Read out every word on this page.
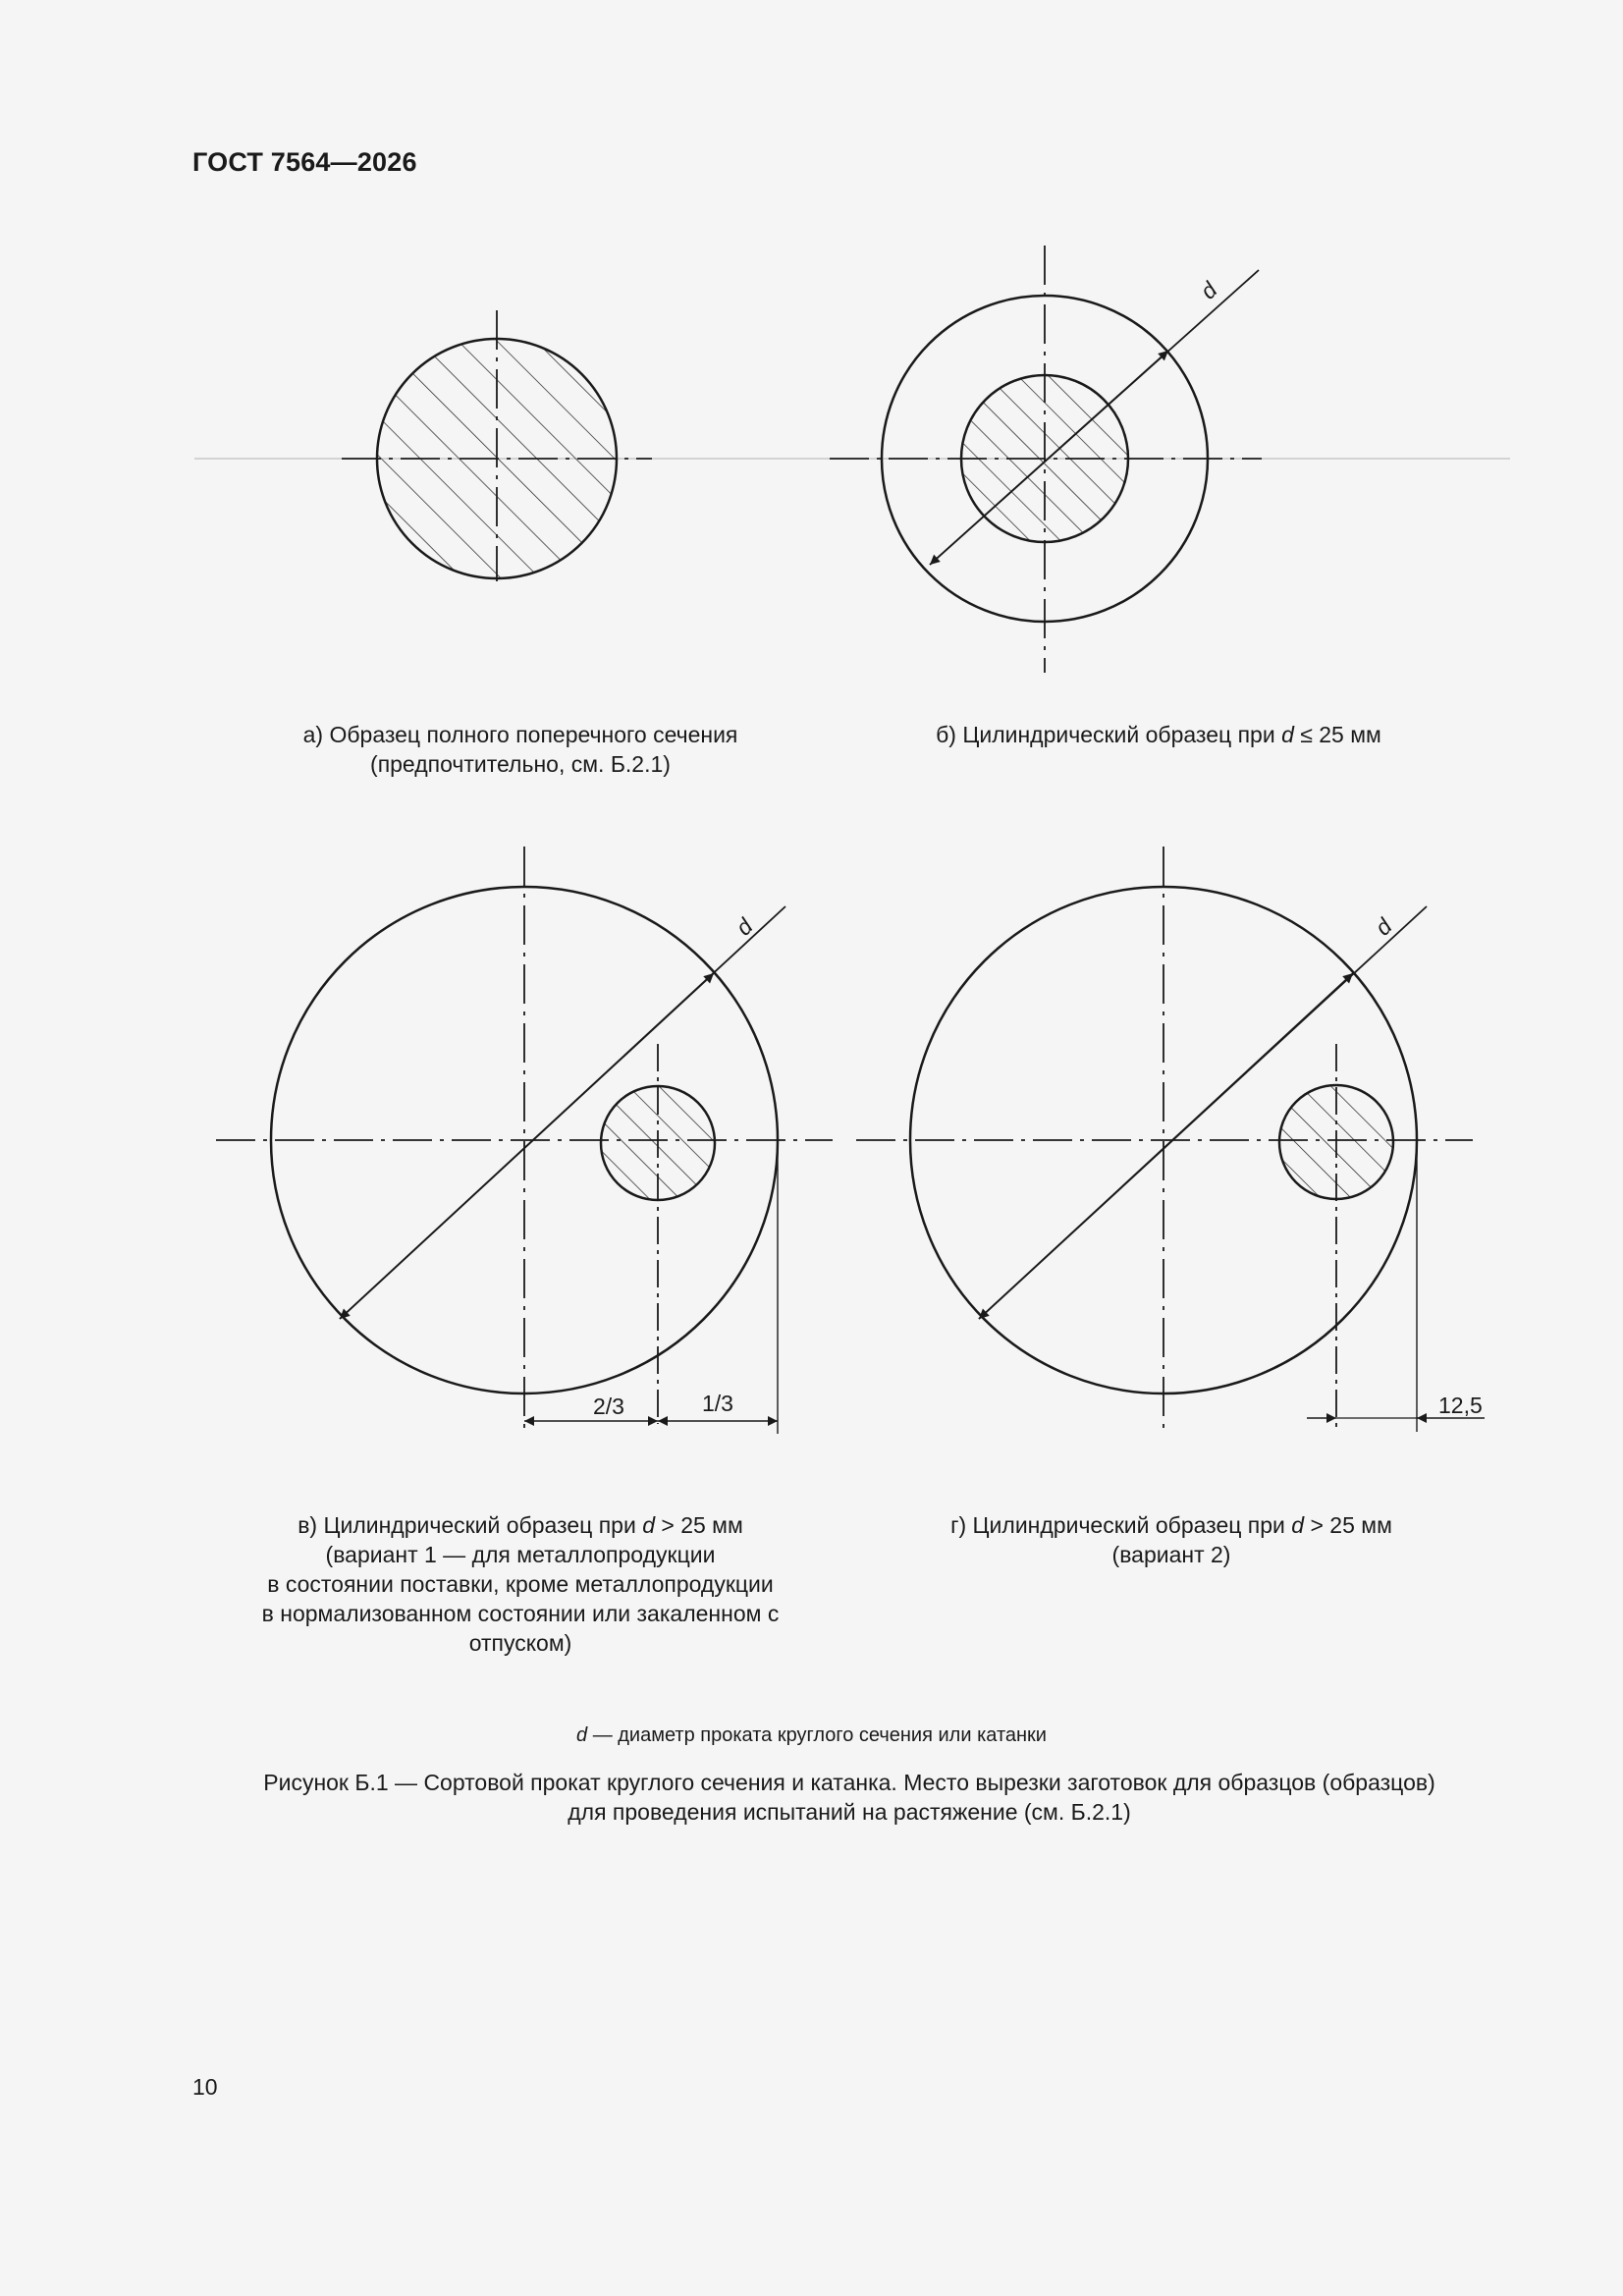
ГОСТ 7564—2026
d
d	d
2/3	1/3	12,5
а) Образец полного поперечного сечения
(предпочтительно, см. Б.2.1)
б) Цилиндрический образец при d ≤ 25 мм
в) Цилиндрический образец при d > 25 мм
(вариант 1 — для металлопродукции
в состоянии поставки, кроме металлопродукции
в нормализованном состоянии или закаленном с
отпуском)
г) Цилиндрический образец при d > 25 мм
(вариант 2)
d — диаметр проката круглого сечения или катанки
Рисунок Б.1 — Сортовой прокат круглого сечения и катанка. Место вырезки заготовок для образцов (образцов)
для проведения испытаний на растяжение (см. Б.2.1)
10
